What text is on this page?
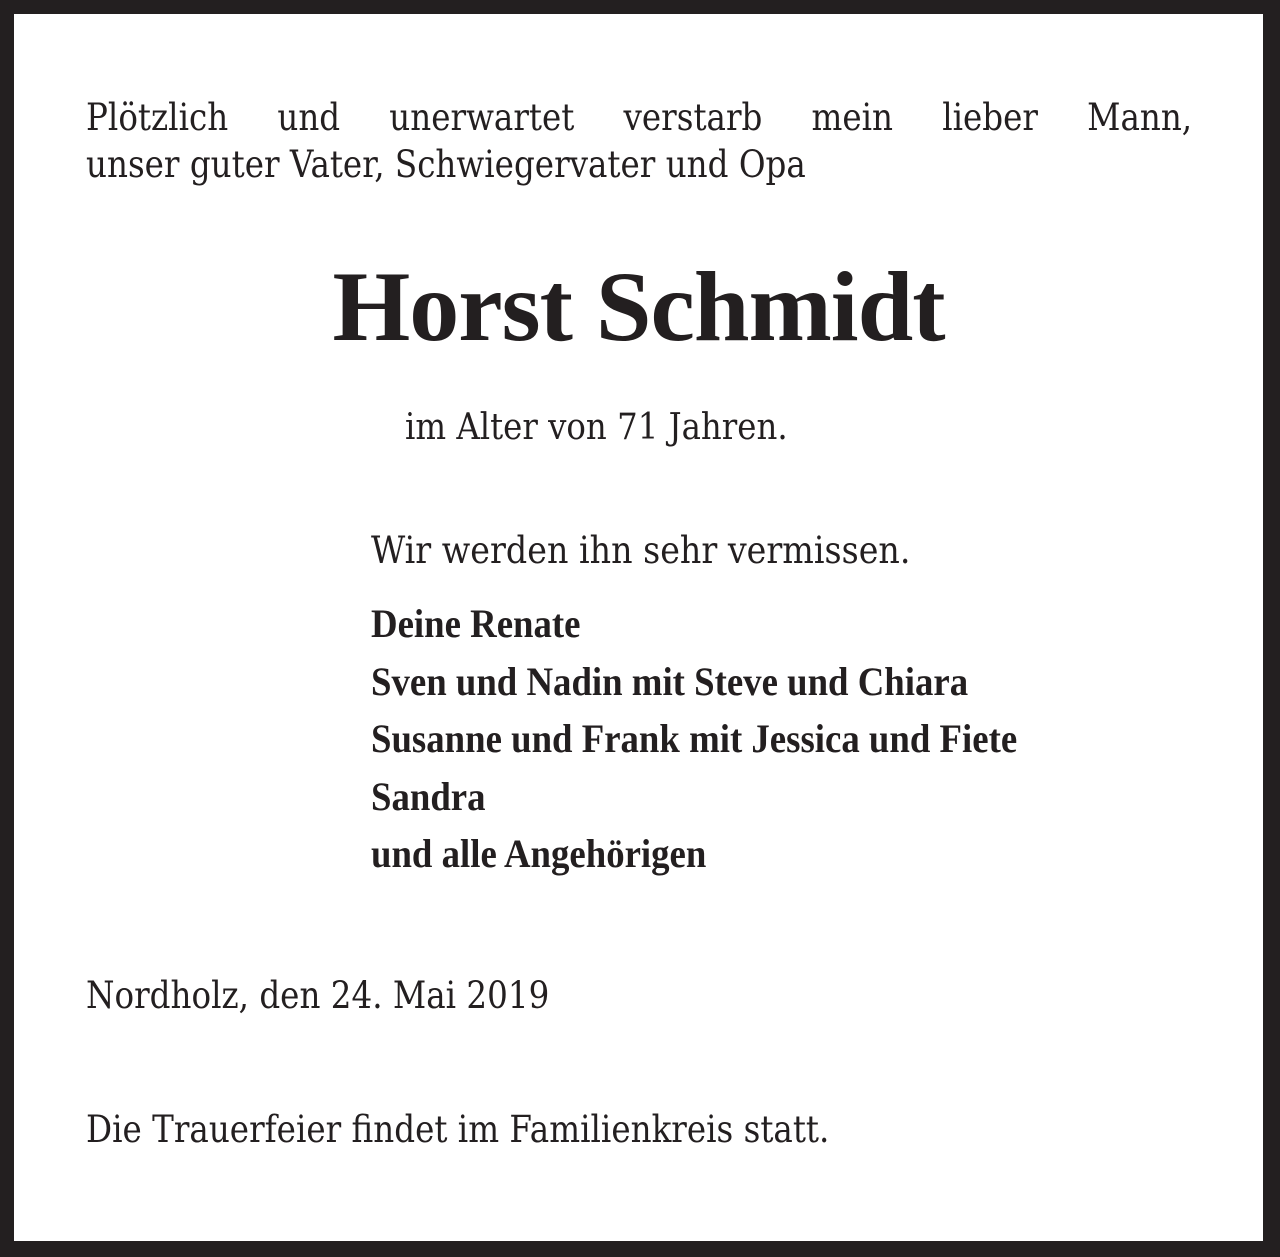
Plötzlich und unerwartet verstarb mein lieber Mann,
unser guter Vater, Schwiegervater und Opa
Horst Schmidt
im Alter von 71 Jahren.
Wir werden ihn sehr vermissen.
Deine Renate
Sven und Nadin mit Steve und Chiara
Susanne und Frank mit Jessica und Fiete
Sandra
und alle Angehörigen
Nordholz, den 24. Mai 2019
Die Trauerfeier findet im Familienkreis statt.
